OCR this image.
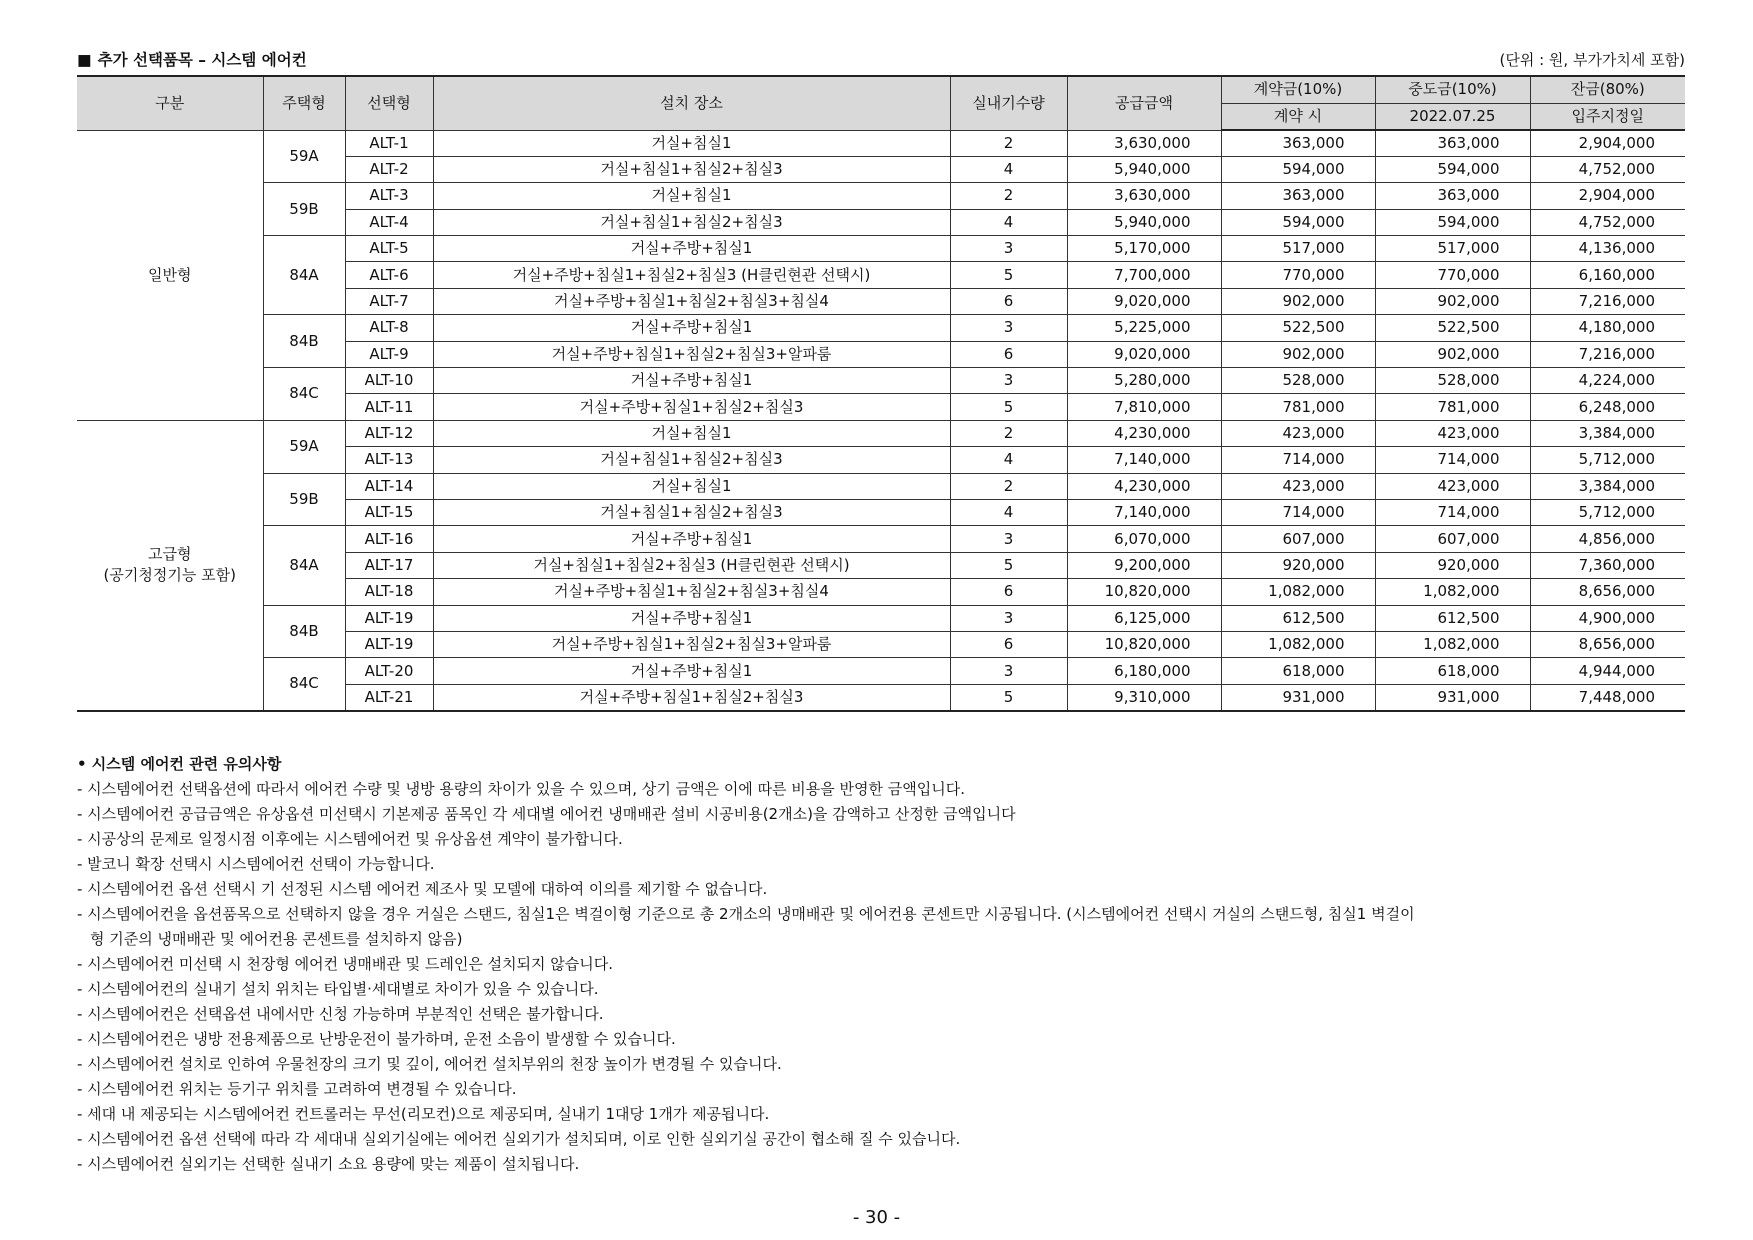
■ 추가 선택품목 – 시스템 에어컨	(단위 : 원, 부가가치세 포함)
구분	주택형	선택형	설치 장소	실내기수량	공급금액	계약금(10%)	중도금(10%)	잔금(80%)
						계약 시	2022.07.25	입주지정일

일반형	59A	ALT-1	거실+침실1	2	3,630,000	363,000	363,000	2,904,000
		ALT-2	거실+침실1+침실2+침실3	4	5,940,000	594,000	594,000	4,752,000
	59B	ALT-3	거실+침실1	2	3,630,000	363,000	363,000	2,904,000
		ALT-4	거실+침실1+침실2+침실3	4	5,940,000	594,000	594,000	4,752,000
	84A	ALT-5	거실+주방+침실1	3	5,170,000	517,000	517,000	4,136,000
		ALT-6	거실+주방+침실1+침실2+침실3 (H클린현관 선택시)	5	7,700,000	770,000	770,000	6,160,000
		ALT-7	거실+주방+침실1+침실2+침실3+침실4	6	9,020,000	902,000	902,000	7,216,000
	84B	ALT-8	거실+주방+침실1	3	5,225,000	522,500	522,500	4,180,000
		ALT-9	거실+주방+침실1+침실2+침실3+알파룸	6	9,020,000	902,000	902,000	7,216,000
	84C	ALT-10	거실+주방+침실1	3	5,280,000	528,000	528,000	4,224,000
		ALT-11	거실+주방+침실1+침실2+침실3	5	7,810,000	781,000	781,000	6,248,000

고급형
(공기청정기능 포함)	59A	ALT-12	거실+침실1	2	4,230,000	423,000	423,000	3,384,000
		ALT-13	거실+침실1+침실2+침실3	4	7,140,000	714,000	714,000	5,712,000
	59B	ALT-14	거실+침실1	2	4,230,000	423,000	423,000	3,384,000
		ALT-15	거실+침실1+침실2+침실3	4	7,140,000	714,000	714,000	5,712,000
	84A	ALT-16	거실+주방+침실1	3	6,070,000	607,000	607,000	4,856,000
		ALT-17	거실+침실1+침실2+침실3 (H클린현관 선택시)	5	9,200,000	920,000	920,000	7,360,000
		ALT-18	거실+주방+침실1+침실2+침실3+침실4	6	10,820,000	1,082,000	1,082,000	8,656,000
	84B	ALT-19	거실+주방+침실1	3	6,125,000	612,500	612,500	4,900,000
		ALT-19	거실+주방+침실1+침실2+침실3+알파룸	6	10,820,000	1,082,000	1,082,000	8,656,000
	84C	ALT-20	거실+주방+침실1	3	6,180,000	618,000	618,000	4,944,000
		ALT-21	거실+주방+침실1+침실2+침실3	5	9,310,000	931,000	931,000	7,448,000
• 시스템 에어컨 관련 유의사항
- 시스템에어컨 선택옵션에 따라서 에어컨 수량 및 냉방 용량의 차이가 있을 수 있으며, 상기 금액은 이에 따른 비용을 반영한 금액입니다.
- 시스템에어컨 공급금액은 유상옵션 미선택시 기본제공 품목인 각 세대별 에어컨 냉매배관 설비 시공비용(2개소)을 감액하고 산정한 금액입니다
- 시공상의 문제로 일정시점 이후에는 시스템에어컨 및 유상옵션 계약이 불가합니다.
- 발코니 확장 선택시 시스템에어컨 선택이 가능합니다.
- 시스템에어컨 옵션 선택시 기 선정된 시스템 에어컨 제조사 및 모델에 대하여 이의를 제기할 수 없습니다.
- 시스템에어컨을 옵션품목으로 선택하지 않을 경우 거실은 스탠드, 침실1은 벽걸이형 기준으로 총 2개소의 냉매배관 및 에어컨용 콘센트만 시공됩니다. (시스템에어컨 선택시 거실의 스탠드형, 침실1 벽걸이
형 기준의 냉매배관 및 에어컨용 콘센트를 설치하지 않음)
- 시스템에어컨 미선택 시 천장형 에어컨 냉매배관 및 드레인은 설치되지 않습니다.
- 시스템에어컨의 실내기 설치 위치는 타입별·세대별로 차이가 있을 수 있습니다.
- 시스템에어컨은 선택옵션 내에서만 신청 가능하며 부분적인 선택은 불가합니다.
- 시스템에어컨은 냉방 전용제품으로 난방운전이 불가하며, 운전 소음이 발생할 수 있습니다.
- 시스템에어컨 설치로 인하여 우물천장의 크기 및 깊이, 에어컨 설치부위의 천장 높이가 변경될 수 있습니다.
- 시스템에어컨 위치는 등기구 위치를 고려하여 변경될 수 있습니다.
- 세대 내 제공되는 시스템에어컨 컨트롤러는 무선(리모컨)으로 제공되며, 실내기 1대당 1개가 제공됩니다.
- 시스템에어컨 옵션 선택에 따라 각 세대내 실외기실에는 에어컨 실외기가 설치되며, 이로 인한 실외기실 공간이 협소해 질 수 있습니다.
- 시스템에어컨 실외기는 선택한 실내기 소요 용량에 맞는 제품이 설치됩니다.
- 30 -
